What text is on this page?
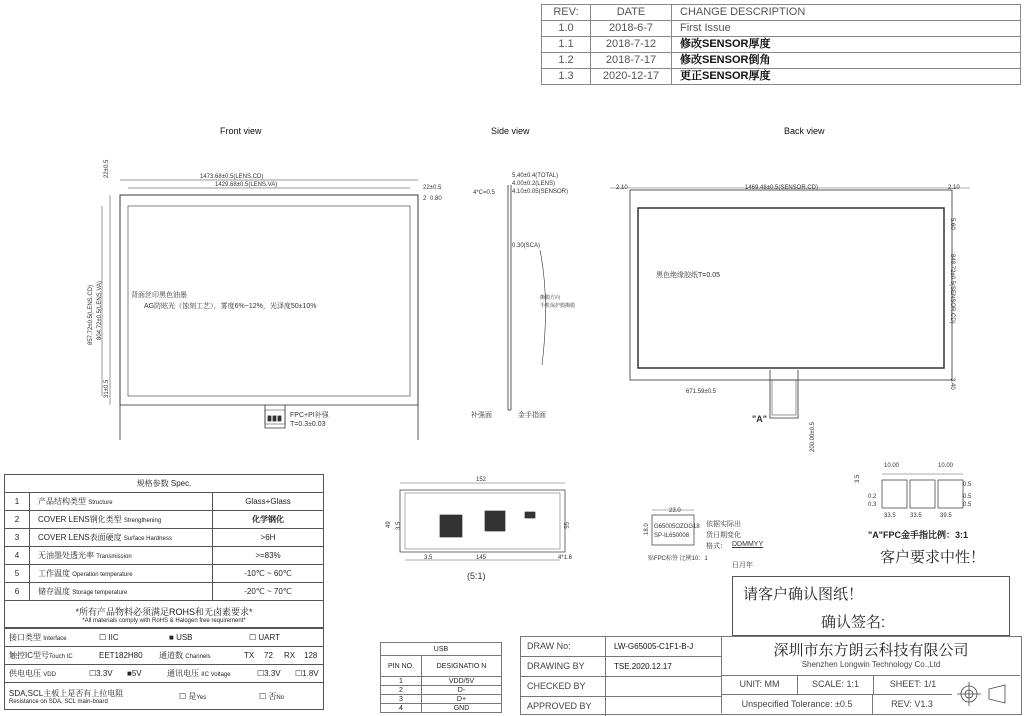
REV:	DATE	CHANGE DESCRIPTION
1.0	2018-6-7	First Issue
1.1	2018-7-12	修改SENSOR厚度
1.2	2018-7-17	修改SENSOR倒角
1.3	2020-12-17	更正SENSOR厚度
Front view	Side view	Back view
1473.68±0.5(LENS.CD)
1429.68±0.5(LENS.VA)	22±0.5
2 0.80
22±0.5
857.72±0.5(LENS.CD) 804.72±0.5(LENS.VA)
31±0.5
背面丝印黑色油墨
AG防眩光（蚀刻工艺），雾度6%~12%，光泽度50±10%
FPC+PI补强
T=0.3±0.03
5.40±0.4(TOTAL)
4.00±0.2(LENS)
4.10±0.05(SENSOR)
4*C=0.5
0.30(SCA)
撕膜方向
手机保护膜撕膜
补强面	金手指面
2.10	1469.48±0.5(SENSOR.CD)	2.10
5.60
848.72±0.5(SENSOR.CD)
3.40
671.59±0.5
200.00±0.5
黑色绝缘胶纸T=0.05
"A"
10.00	10.00
3.5
0.5
0.3
0.2	0.5
0.5
33.5 33.5	39.5
"A"FPC金手指比例：3:1
客户要求中性！
152
145
49	55
3.5
3.5	4*1.6
(5:1)
23.0
18.0 G65005OZOG18
SP-IL650008
依据实际出
货日期变化
格式： DDMMYY
日月年
贴FPC标签 比例10：1
请客户确认图纸！
确认签名:
规格参数 Spec.		
1	产品结构类型 Structure	Glass+Glass
2	COVER LENS钢化类型 Strengthening	化学钢化
3	COVER LENS表面硬度 Surface Hardness	>6H
4	无油墨处透光率 Transmission	>=83%
5	工作温度 Operation temperature	-10℃ ~ 60℃
6	储存温度 Storage temperature	-20℃ ~ 70℃

*所有产品物料必须满足ROHS和无卤素要求*
*All materials comply with RoHS & Halogen free requirement*		
接口类型 Interface	☐ IIC	■ USB	☐ UART
触控IC型号Touch IC	EET182H80	通道数 Channels	TX	72	RX	128
供电电压 VDD	☐3.3V	■5V	通讯电压 IIC Voltage	☐3.3V	☐1.8V
SDA,SCL主板上是否有上拉电阻
Resistance on SDA, SCL main-board
☐ 是Yes	☐ 否No
USB	
PIN NO.	DESIGNATIO N
1	VDD/5V
2	D-
3	D+
4	GND
DRAW No:	LW-G65005-C1F1-B-J
DRAWING BY	TSE.2020.12.17
CHECKED BY
APPROVED BY
深圳市东方朗云科技有限公司
Shenzhen Longwin Technology Co.,Ltd
UNIT: MM	SCALE: 1:1	SHEET: 1/1
Unspecified Tolerance: ±0.5	REV: V1.3
